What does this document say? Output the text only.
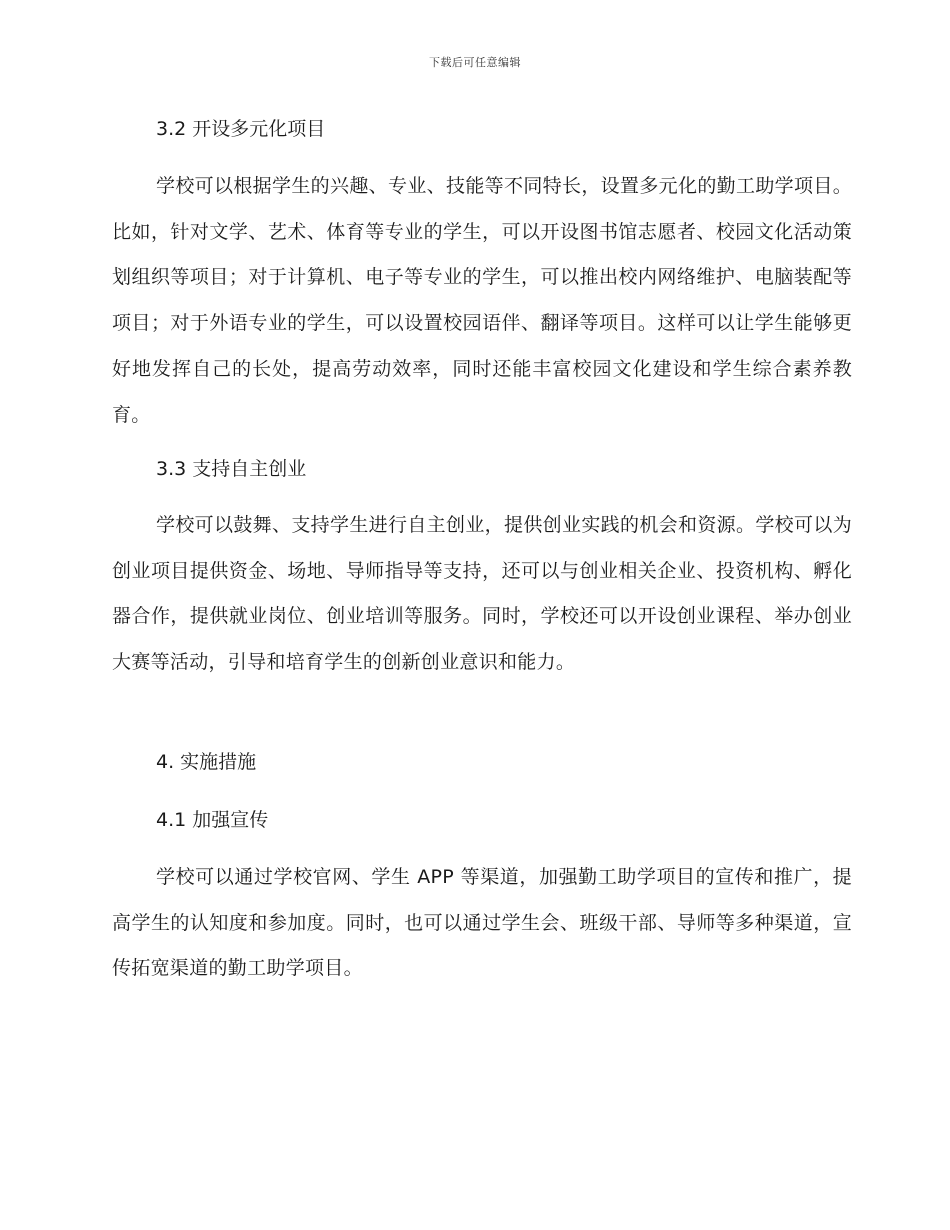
下载后可任意编辑
3.2 开设多元化项目

学校可以根据学生的兴趣、专业、技能等不同特长，设置多元化的勤工助学项目。比如，针对文学、艺术、体育等专业的学生，可以开设图书馆志愿者、校园文化活动策划组织等项目；对于计算机、电子等专业的学生，可以推出校内网络维护、电脑装配等项目；对于外语专业的学生，可以设置校园语伴、翻译等项目。这样可以让学生能够更好地发挥自己的长处，提高劳动效率，同时还能丰富校园文化建设和学生综合素养教育。

3.3 支持自主创业

学校可以鼓舞、支持学生进行自主创业，提供创业实践的机会和资源。学校可以为创业项目提供资金、场地、导师指导等支持，还可以与创业相关企业、投资机构、孵化器合作，提供就业岗位、创业培训等服务。同时，学校还可以开设创业课程、举办创业大赛等活动，引导和培育学生的创新创业意识和能力。

4. 实施措施
4.1 加强宣传

学校可以通过学校官网、学生 APP 等渠道，加强勤工助学项目的宣传和推广，提高学生的认知度和参加度。同时，也可以通过学生会、班级干部、导师等多种渠道，宣传拓宽渠道的勤工助学项目。
